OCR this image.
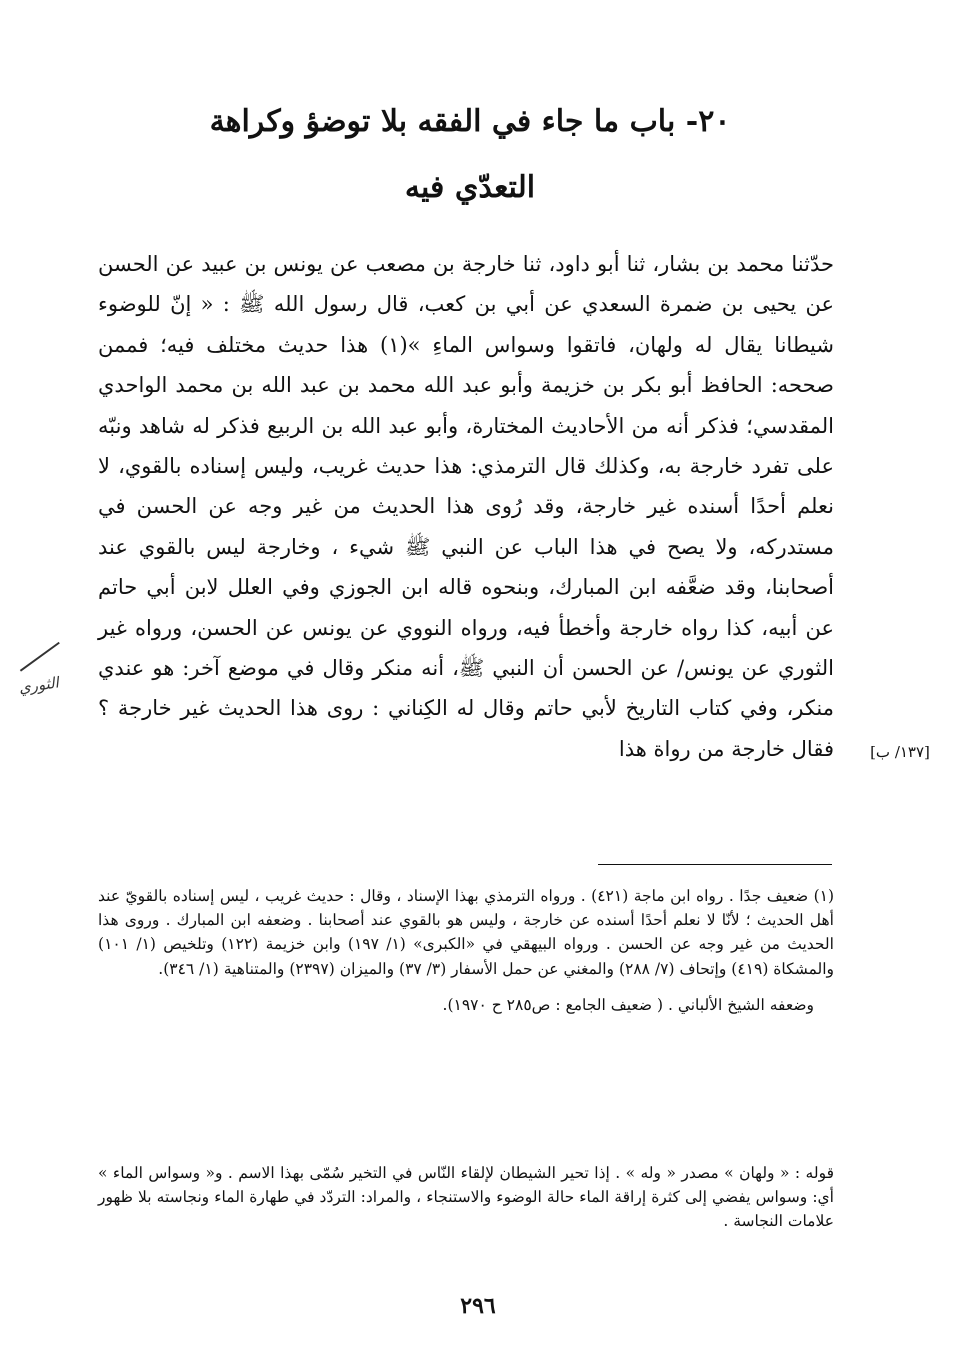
٢٠- باب ما جاء في الفقه بلا توضؤ وكراهة
التعدّي فيه

حدّثنا محمد بن بشار، ثنا أبو داود، ثنا خارجة بن مصعب عن يونس بن عبيد عن الحسن عن يحيى بن ضمرة السعدي عن أبي بن كعب، قال رسول الله ﷺ : « إنّ للوضوء شيطانا يقال له ولهان، فاتقوا وسواس الماءِ »(١) هذا حديث مختلف فيه؛ فممن صححه: الحافظ أبو بكر بن خزيمة وأبو عبد الله محمد بن عبد الله بن محمد الواحدي المقدسي؛ فذكر أنه من الأحاديث المختارة، وأبو عبد الله بن الربيع فذكر له شاهد ونبّه على تفرد خارجة به، وكذلك قال الترمذي: هذا حديث غريب، وليس إسناده بالقوي، لا نعلم أحدًا أسنده غير خارجة، وقد رُوى هذا الحديث من غير وجه عن الحسن في مستدركه، ولا يصح في هذا الباب عن النبي ﷺ شيء ، وخارجة ليس بالقوي عند أصحابنا، وقد ضعَّفه ابن المبارك، وبنحوه قاله ابن الجوزي وفي العلل لابن أبي حاتم عن أبيه، كذا رواه خارجة وأخطأ فيه، ورواه النووي عن يونس عن الحسن، ورواه غير الثوري عن يونس/ عن الحسن أن النبي ﷺ، أنه منكر وقال في موضع آخر: هو عندي منكر، وفي كتاب التاريخ لأبي حاتم وقال له الكِناني : روى هذا الحديث غير خارجة ؟ فقال خارجة من رواة هذا

الثوري
[١٣٧/ ب]

(١) ضعيف جدًا . رواه ابن ماجة (٤٢١) . ورواه الترمذي بهذا الإسناد ، وقال : حديث غريب ، ليس إسناده بالقويّ عند أهل الحديث ؛ لأنّا لا نعلم أحدًا أسنده عن خارجة ، وليس هو بالقوي عند أصحابنا . وضعفه ابن المبارك . وروى هذا الحديث من غير وجه عن الحسن . ورواه البيهقي في «الكبرى» (١/ ١٩٧) وابن خزيمة (١٢٢) وتلخيص (١/ ١٠١) والمشكاة (٤١٩) وإتحاف (٧/ ٢٨٨) والمغني عن حمل الأسفار (٣/ ٣٧) والميزان (٢٣٩٧) والمتناهية (١/ ٣٤٦).

وضعفه الشيخ الألباني . ( ضعيف الجامع : ص٢٨٥ ح ١٩٧٠).

قوله : « ولهان » مصدر « وله » . إذا تحير الشيطان لإلقاء النّاس في التخير سُمّى بهذا الاسم . و« وسواس الماء » أي: وسواس يفضي إلى كثرة إراقة الماء حالة الوضوء والاستنجاء ، والمراد: التردّد في طهارة الماء ونجاسته بلا ظهور علامات النجاسة .

٢٩٦
